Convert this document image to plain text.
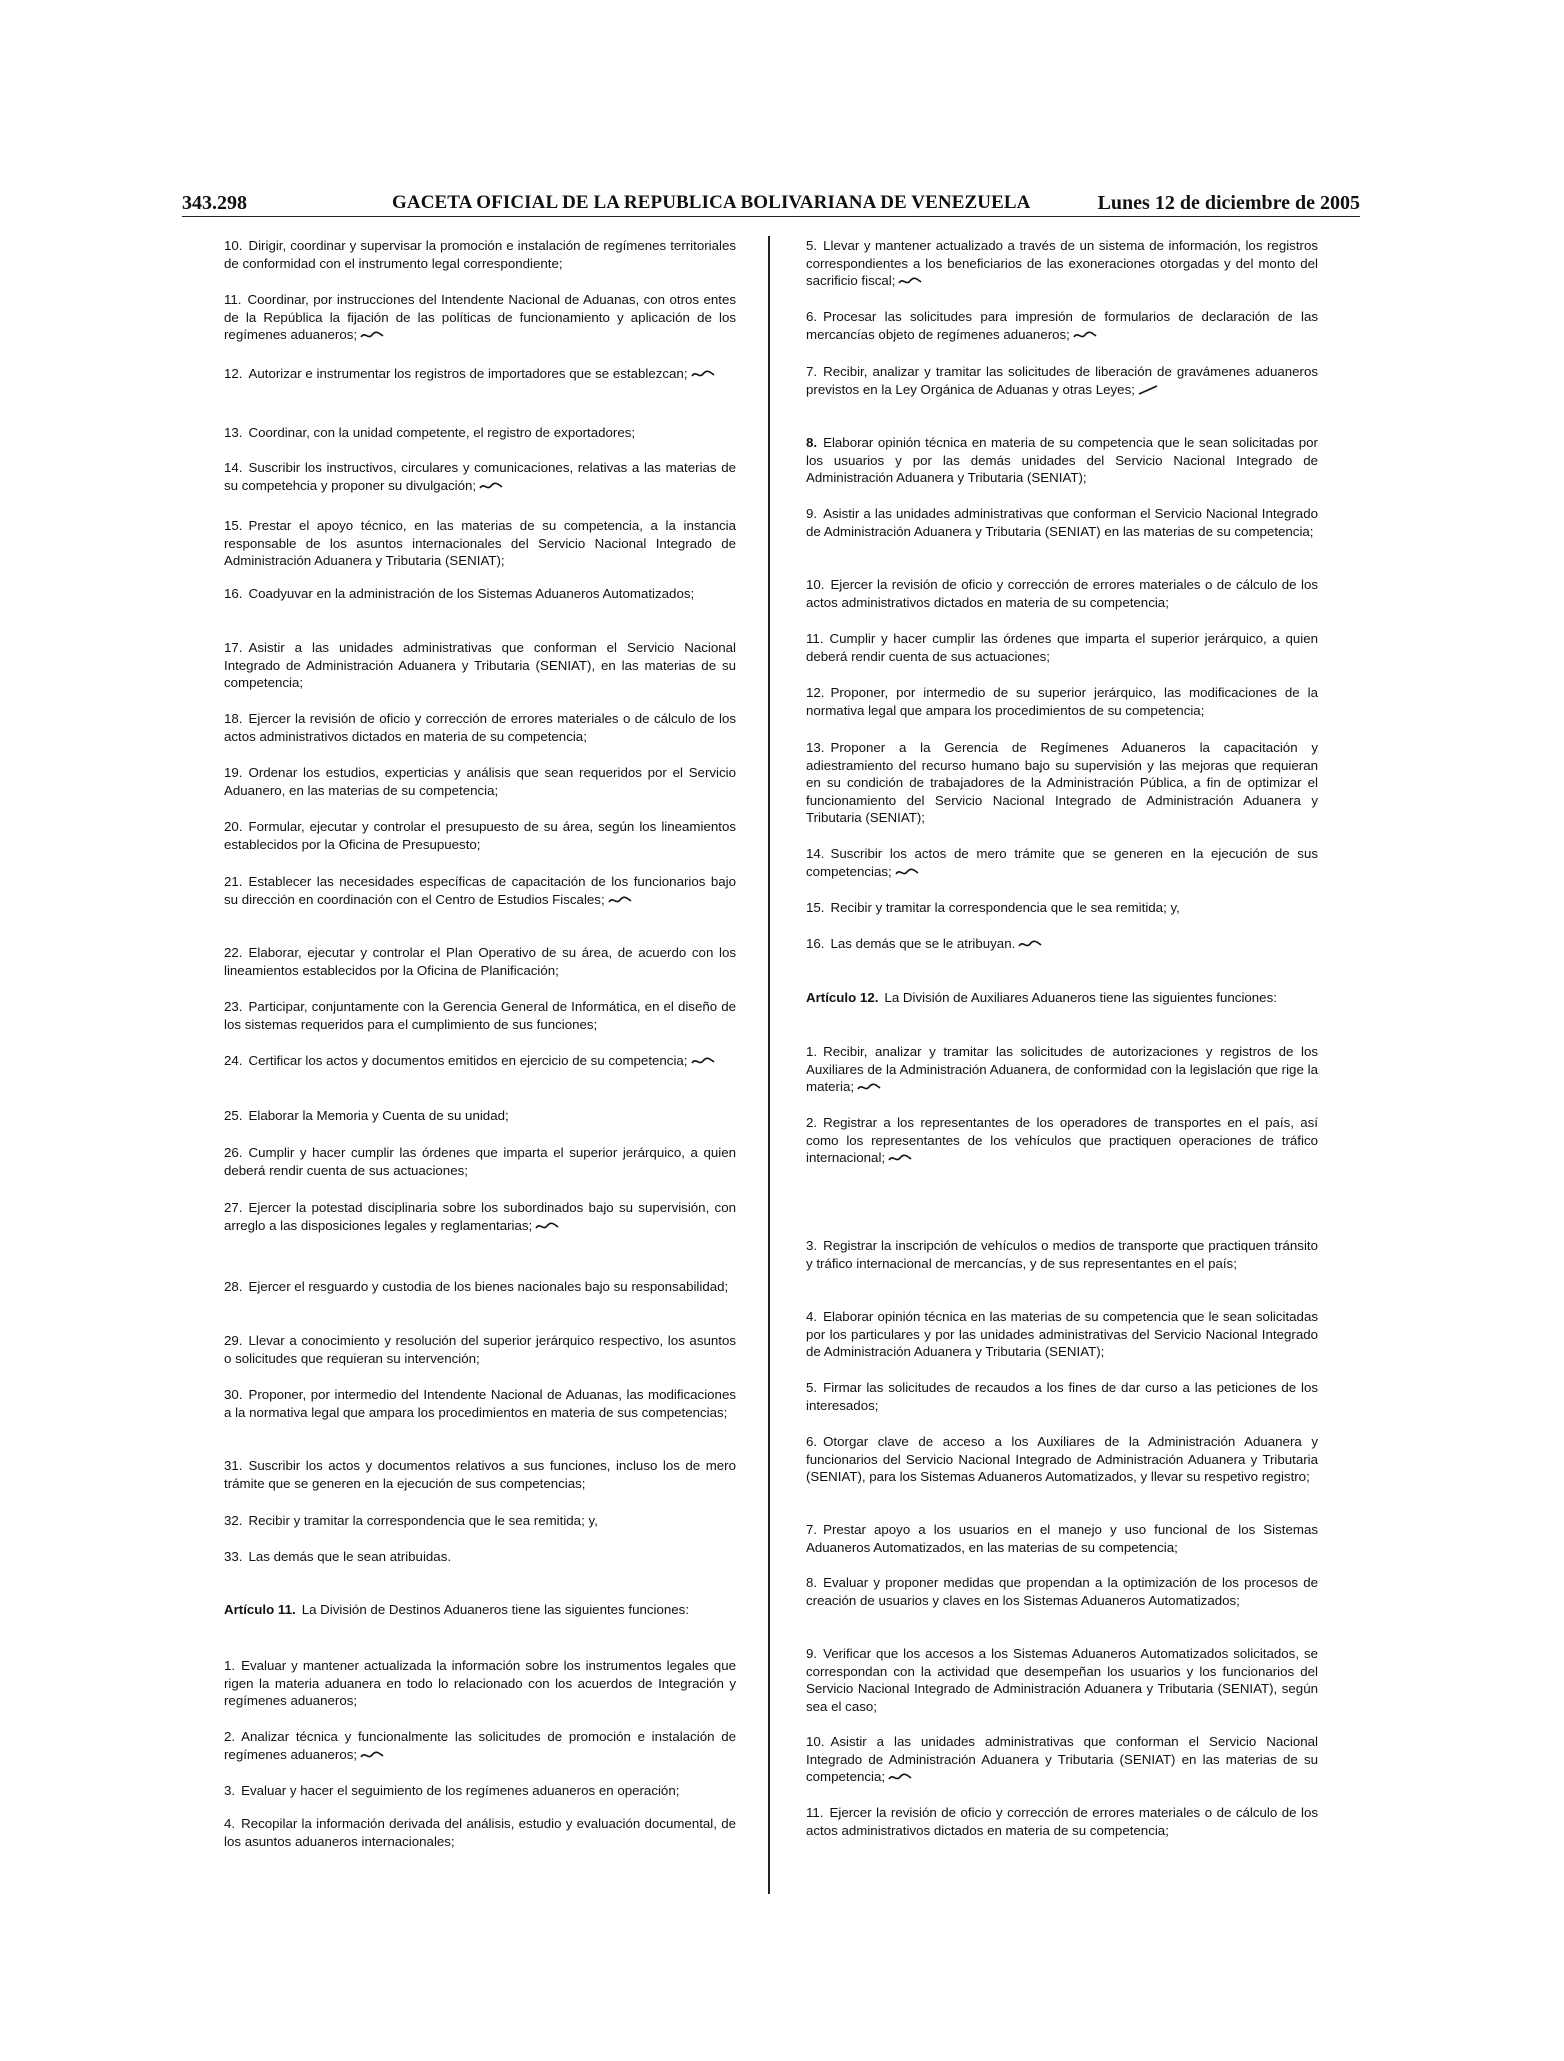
343.298	GACETA OFICIAL DE LA REPUBLICA BOLIVARIANA DE VENEZUELA	Lunes 12 de diciembre de 2005

10. Dirigir, coordinar y supervisar la promoción e instalación de regímenes territoriales de conformidad con el instrumento legal correspondiente;

11. Coordinar, por instrucciones del Intendente Nacional de Aduanas, con otros entes de la República la fijación de las políticas de funcionamiento y aplicación de los regímenes aduaneros;

12. Autorizar e instrumentar los registros de importadores que se establezcan;

13. Coordinar, con la unidad competente, el registro de exportadores;

14. Suscribir los instructivos, circulares y comunicaciones, relativas a las materias de su competehcia y proponer su divulgación;

15. Prestar el apoyo técnico, en las materias de su competencia, a la instancia responsable de los asuntos internacionales del Servicio Nacional Integrado de Administración Aduanera y Tributaria (SENIAT);

16. Coadyuvar en la administración de los Sistemas Aduaneros Automatizados;

17. Asistir a las unidades administrativas que conforman el Servicio Nacional Integrado de Administración Aduanera y Tributaria (SENIAT), en las materias de su competencia;

18. Ejercer la revisión de oficio y corrección de errores materiales o de cálculo de los actos administrativos dictados en materia de su competencia;

19. Ordenar los estudios, experticias y análisis que sean requeridos por el Servicio Aduanero, en las materias de su competencia;

20. Formular, ejecutar y controlar el presupuesto de su área, según los lineamientos establecidos por la Oficina de Presupuesto;

21. Establecer las necesidades específicas de capacitación de los funcionarios bajo su dirección en coordinación con el Centro de Estudios Fiscales;

22. Elaborar, ejecutar y controlar el Plan Operativo de su área, de acuerdo con los lineamientos establecidos por la Oficina de Planificación;

23. Participar, conjuntamente con la Gerencia General de Informática, en el diseño de los sistemas requeridos para el cumplimiento de sus funciones;

24. Certificar los actos y documentos emitidos en ejercicio de su competencia;

25. Elaborar la Memoria y Cuenta de su unidad;

26. Cumplir y hacer cumplir las órdenes que imparta el superior jerárquico, a quien deberá rendir cuenta de sus actuaciones;

27. Ejercer la potestad disciplinaria sobre los subordinados bajo su supervisión, con arreglo a las disposiciones legales y reglamentarias;

28. Ejercer el resguardo y custodia de los bienes nacionales bajo su responsabilidad;

29. Llevar a conocimiento y resolución del superior jerárquico respectivo, los asuntos o solicitudes que requieran su intervención;

30. Proponer, por intermedio del Intendente Nacional de Aduanas, las modificaciones a la normativa legal que ampara los procedimientos en materia de sus competencias;

31. Suscribir los actos y documentos relativos a sus funciones, incluso los de mero trámite que se generen en la ejecución de sus competencias;

32. Recibir y tramitar la correspondencia que le sea remitida; y,

33. Las demás que le sean atribuidas.

Artículo 11. La División de Destinos Aduaneros tiene las siguientes funciones:

1. Evaluar y mantener actualizada la información sobre los instrumentos legales que rigen la materia aduanera en todo lo relacionado con los acuerdos de Integración y regímenes aduaneros;

2. Analizar técnica y funcionalmente las solicitudes de promoción e instalación de regímenes aduaneros;

3. Evaluar y hacer el seguimiento de los regímenes aduaneros en operación;

4. Recopilar la información derivada del análisis, estudio y evaluación documental, de los asuntos aduaneros internacionales;

5. Llevar y mantener actualizado a través de un sistema de información, los registros correspondientes a los beneficiarios de las exoneraciones otorgadas y del monto del sacrificio fiscal;

6. Procesar las solicitudes para impresión de formularios de declaración de las mercancías objeto de regímenes aduaneros;

7. Recibir, analizar y tramitar las solicitudes de liberación de gravámenes aduaneros previstos en la Ley Orgánica de Aduanas y otras Leyes;

8. Elaborar opinión técnica en materia de su competencia que le sean solicitadas por los usuarios y por las demás unidades del Servicio Nacional Integrado de Administración Aduanera y Tributaria (SENIAT);

9. Asistir a las unidades administrativas que conforman el Servicio Nacional Integrado de Administración Aduanera y Tributaria (SENIAT) en las materias de su competencia;

10. Ejercer la revisión de oficio y corrección de errores materiales o de cálculo de los actos administrativos dictados en materia de su competencia;

11. Cumplir y hacer cumplir las órdenes que imparta el superior jerárquico, a quien deberá rendir cuenta de sus actuaciones;

12. Proponer, por intermedio de su superior jerárquico, las modificaciones de la normativa legal que ampara los procedimientos de su competencia;

13. Proponer a la Gerencia de Regímenes Aduaneros la capacitación y adiestramiento del recurso humano bajo su supervisión y las mejoras que requieran en su condición de trabajadores de la Administración Pública, a fin de optimizar el funcionamiento del Servicio Nacional Integrado de Administración Aduanera y Tributaria (SENIAT);

14. Suscribir los actos de mero trámite que se generen en la ejecución de sus competencias;

15. Recibir y tramitar la correspondencia que le sea remitida; y,

16. Las demás que se le atribuyan.

Artículo 12. La División de Auxiliares Aduaneros tiene las siguientes funciones:

1. Recibir, analizar y tramitar las solicitudes de autorizaciones y registros de los Auxiliares de la Administración Aduanera, de conformidad con la legislación que rige la materia;

2. Registrar a los representantes de los operadores de transportes en el país, así como los representantes de los vehículos que practiquen operaciones de tráfico internacional;

3. Registrar la inscripción de vehículos o medios de transporte que practiquen tránsito y tráfico internacional de mercancías, y de sus representantes en el país;

4. Elaborar opinión técnica en las materias de su competencia que le sean solicitadas por los particulares y por las unidades administrativas del Servicio Nacional Integrado de Administración Aduanera y Tributaria (SENIAT);

5. Firmar las solicitudes de recaudos a los fines de dar curso a las peticiones de los interesados;

6. Otorgar clave de acceso a los Auxiliares de la Administración Aduanera y funcionarios del Servicio Nacional Integrado de Administración Aduanera y Tributaria (SENIAT), para los Sistemas Aduaneros Automatizados, y llevar su respetivo registro;

7. Prestar apoyo a los usuarios en el manejo y uso funcional de los Sistemas Aduaneros Automatizados, en las materias de su competencia;

8. Evaluar y proponer medidas que propendan a la optimización de los procesos de creación de usuarios y claves en los Sistemas Aduaneros Automatizados;

9. Verificar que los accesos a los Sistemas Aduaneros Automatizados solicitados, se correspondan con la actividad que desempeñan los usuarios y los funcionarios del Servicio Nacional Integrado de Administración Aduanera y Tributaria (SENIAT), según sea el caso;

10. Asistir a las unidades administrativas que conforman el Servicio Nacional Integrado de Administración Aduanera y Tributaria (SENIAT) en las materias de su competencia;

11. Ejercer la revisión de oficio y corrección de errores materiales o de cálculo de los actos administrativos dictados en materia de su competencia;
